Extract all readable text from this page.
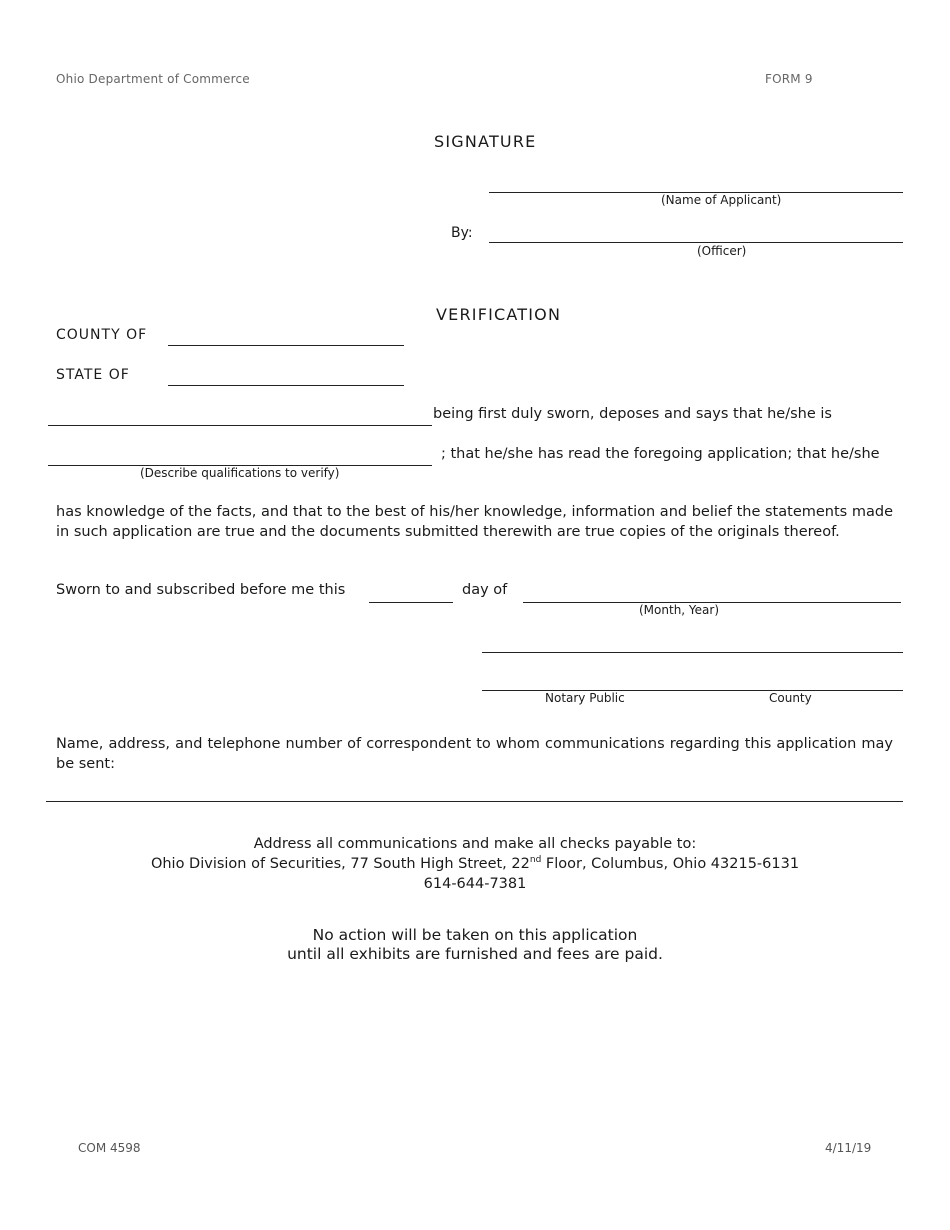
Ohio Department of Commerce	FORM 9
SIGNATURE
(Name of Applicant)
By:
(Officer)
VERIFICATION
COUNTY OF
STATE OF
being first duly sworn, deposes and says that he/she is
; that he/she has read the foregoing application; that he/she
(Describe qualifications to verify)
has knowledge of the facts, and that to the best of his/her knowledge, information and belief the statements made in such application are true and the documents submitted therewith are true copies of the originals thereof.
Sworn to and subscribed before me this	day of
(Month, Year)
Notary Public	County
Name, address, and telephone number of correspondent to whom communications regarding this application may be sent:
Address all communications and make all checks payable to:
Ohio Division of Securities, 77 South High Street, 22nd Floor, Columbus, Ohio 43215-6131
614-644-7381
No action will be taken on this application
until all exhibits are furnished and fees are paid.
COM 4598	4/11/19
